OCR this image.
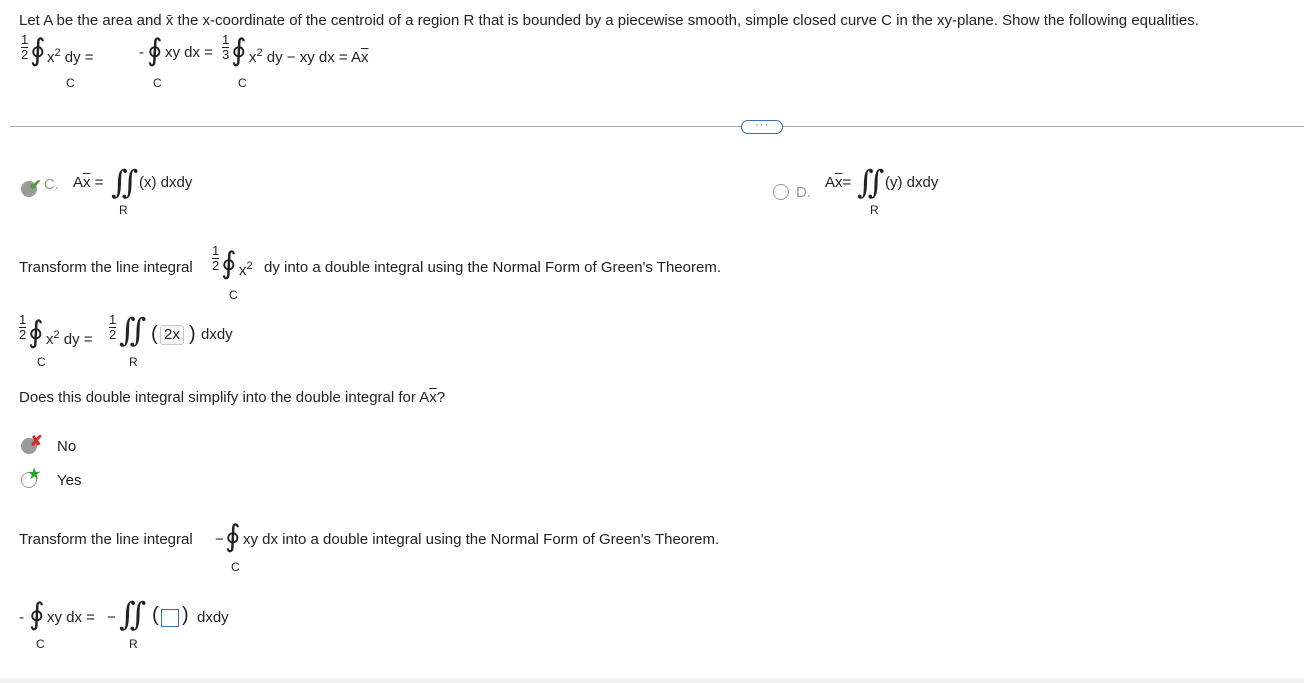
Let A be the area and x̄ the x-coordinate of the centroid of a region R that is bounded by a piecewise smooth, simple closed curve C in the xy-plane. Show the following equalities.
1
2 ∮ $x^2$ dy =
C
- ∮ xy dx =
C
1
3 ∮ $x^2$ dy − xy dx = $A\overline{x}$
C
···
✔ C. $A\overline{x}$ = ∬ (x) dxdy
R
D.
$A\overline{x}=$ ∬ (y) dxdy
R
Transform the line integral
1
2 ∮ $x^2$ dy into a double integral using the Normal Form of Green's Theorem.
C
1
2 ∮ $x^2$ dy =
C
1
2 ∬ ( 2x ) dxdy
R
Does this double integral simplify into the double integral for $A\overline{x}$?
✘ No
★ Yes
Transform the line integral − ∮ xy dx into a double integral using the Normal Form of Green's Theorem.
C
- ∮ xy dx =
C
− ∬ ( ) dxdy
R
